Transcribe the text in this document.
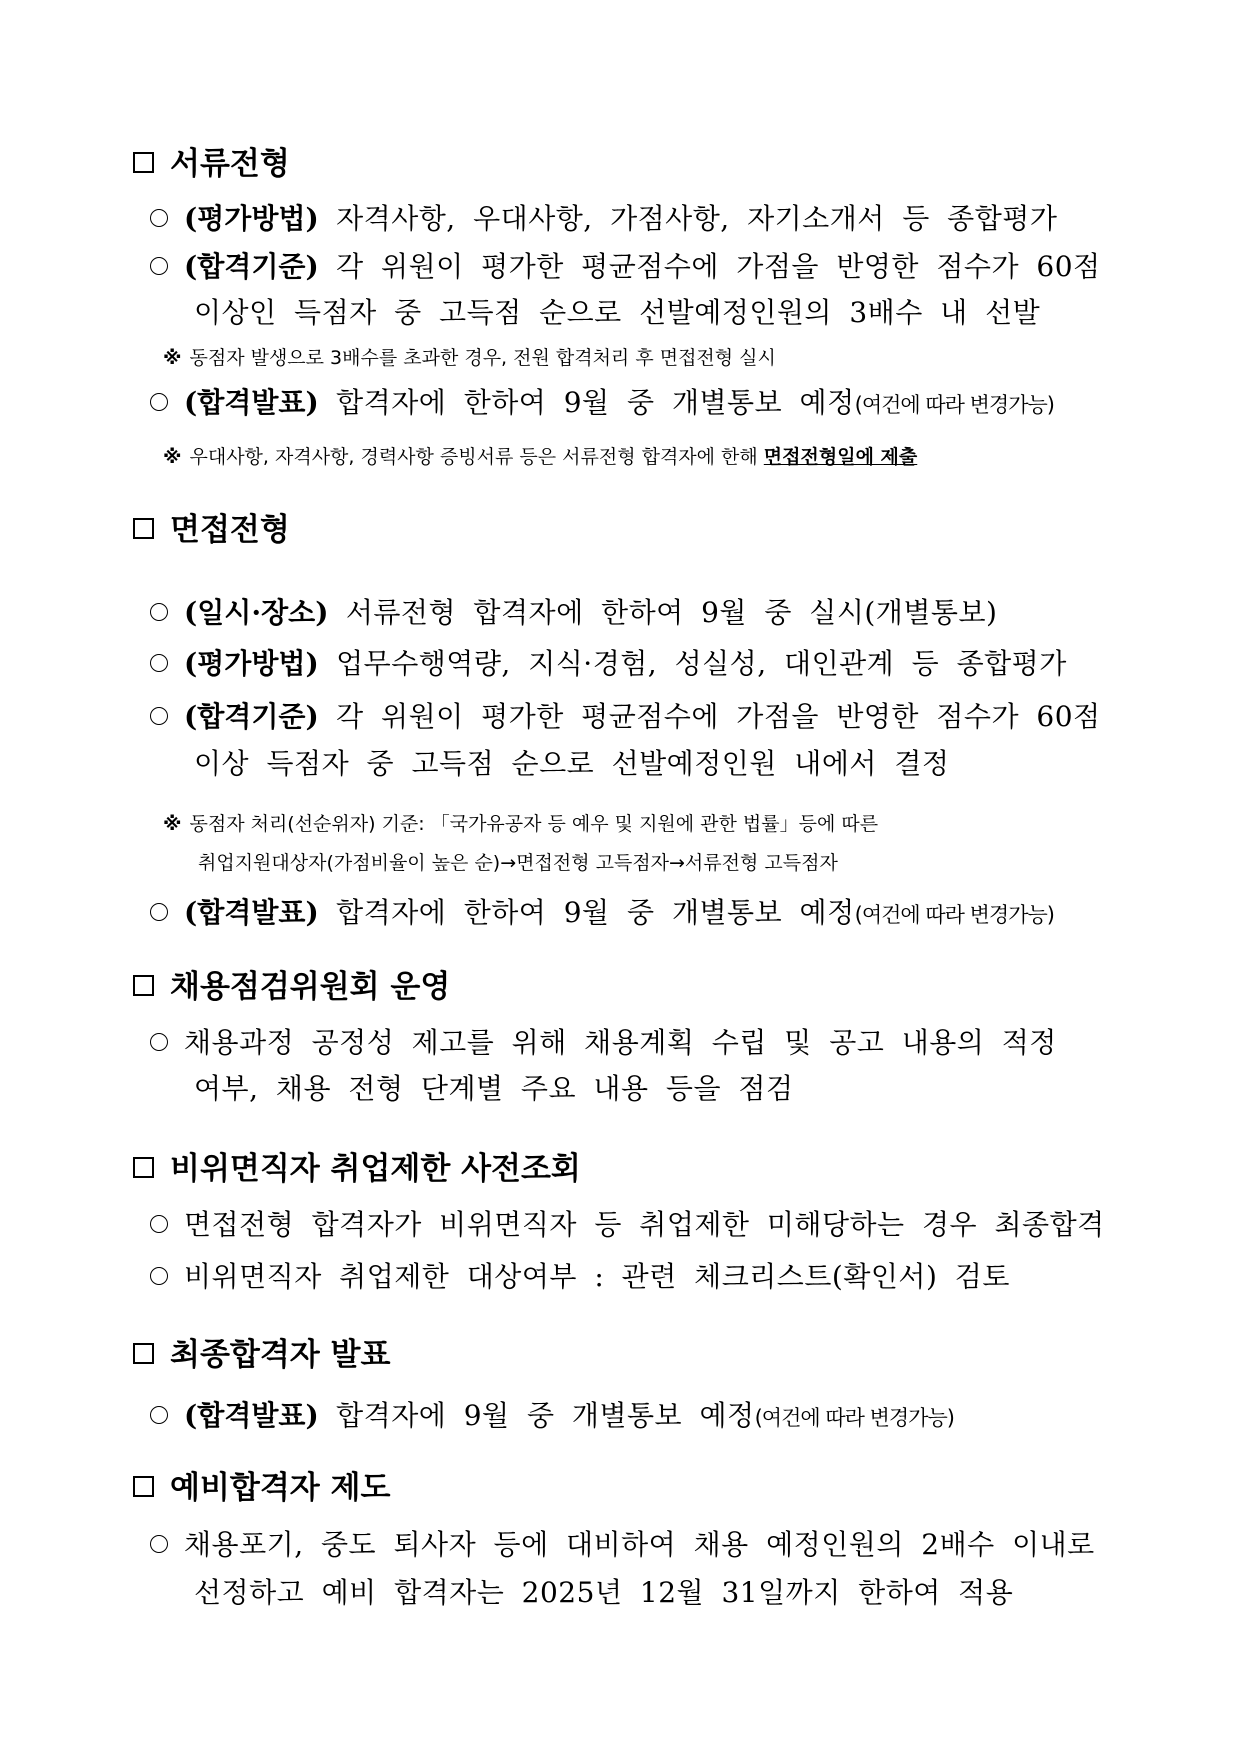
서류전형
(평가방법) 자격사항, 우대사항, 가점사항, 자기소개서 등 종합평가
(합격기준) 각 위원이 평가한 평균점수에 가점을 반영한 점수가 60점
이상인 득점자 중 고득점 순으로 선발예정인원의 3배수 내 선발
※ 동점자 발생으로 3배수를 초과한 경우, 전원 합격처리 후 면접전형 실시
(합격발표) 합격자에 한하여 9월 중 개별통보 예정(여건에 따라 변경가능)
※ 우대사항, 자격사항, 경력사항 증빙서류 등은 서류전형 합격자에 한해 면접전형일에 제출
면접전형
(일시·장소) 서류전형 합격자에 한하여 9월 중 실시(개별통보)
(평가방법) 업무수행역량, 지식·경험, 성실성, 대인관계 등 종합평가
(합격기준) 각 위원이 평가한 평균점수에 가점을 반영한 점수가 60점
이상 득점자 중 고득점 순으로 선발예정인원 내에서 결정
※ 동점자 처리(선순위자) 기준: 「국가유공자 등 예우 및 지원에 관한 법률」등에 따른
취업지원대상자(가점비율이 높은 순)→면접전형 고득점자→서류전형 고득점자
(합격발표) 합격자에 한하여 9월 중 개별통보 예정(여건에 따라 변경가능)
채용점검위원회 운영
채용과정 공정성 제고를 위해 채용계획 수립 및 공고 내용의 적정
여부, 채용 전형 단계별 주요 내용 등을 점검
비위면직자 취업제한 사전조회
면접전형 합격자가 비위면직자 등 취업제한 미해당하는 경우 최종합격
비위면직자 취업제한 대상여부 : 관련 체크리스트(확인서) 검토
최종합격자 발표
(합격발표) 합격자에 9월 중 개별통보 예정(여건에 따라 변경가능)
예비합격자 제도
채용포기, 중도 퇴사자 등에 대비하여 채용 예정인원의 2배수 이내로
선정하고 예비 합격자는 2025년 12월 31일까지 한하여 적용
